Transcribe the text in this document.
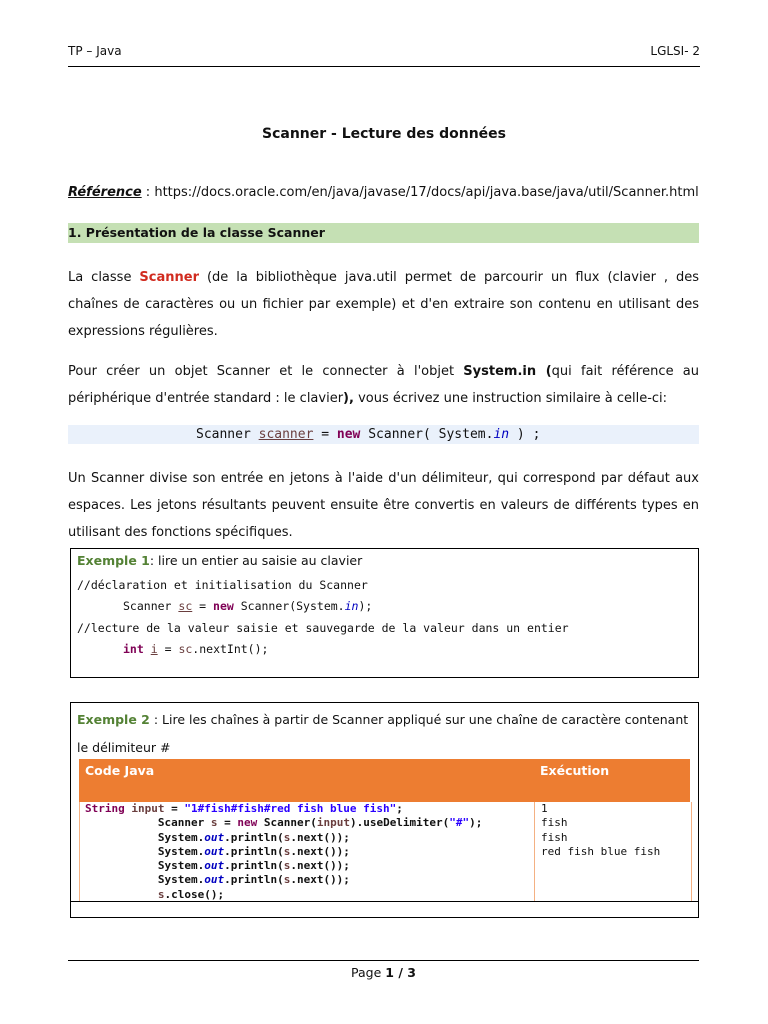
TP – Java	LGLSI- 2
Scanner - Lecture des données
Référence : https://docs.oracle.com/en/java/javase/17/docs/api/java.base/java/util/Scanner.html
1. Présentation de la classe Scanner
La classe Scanner (de la bibliothèque java.util permet de parcourir un flux (clavier , des chaînes de caractères ou un fichier par exemple) et d'en extraire son contenu en utilisant des expressions régulières.
Pour créer un objet Scanner et le connecter à l'objet System.in (qui fait référence au périphérique d'entrée standard : le clavier), vous écrivez une instruction similaire à celle-ci:
Scanner scanner = new Scanner( System.in ) ;
Un Scanner divise son entrée en jetons à l'aide d'un délimiteur, qui correspond par défaut aux espaces. Les jetons résultants peuvent ensuite être convertis en valeurs de différents types en utilisant des fonctions spécifiques.
Exemple 1: lire un entier au saisie au clavier
//déclaration et initialisation du Scanner
Scanner sc = new Scanner(System.in);
//lecture de la valeur saisie et sauvegarde de la valeur dans un entier
int i = sc.nextInt();
Exemple 2 : Lire les chaînes à partir de Scanner appliqué sur une chaîne de caractère contenant le délimiteur #
Code Java	Exécution
String input = "1#fish#fish#red fish blue fish";
Scanner s = new Scanner(input).useDelimiter("#");
System.out.println(s.next());
System.out.println(s.next());
System.out.println(s.next());
System.out.println(s.next());
s.close();
1
fish
fish
red fish blue fish
Page 1 / 3
